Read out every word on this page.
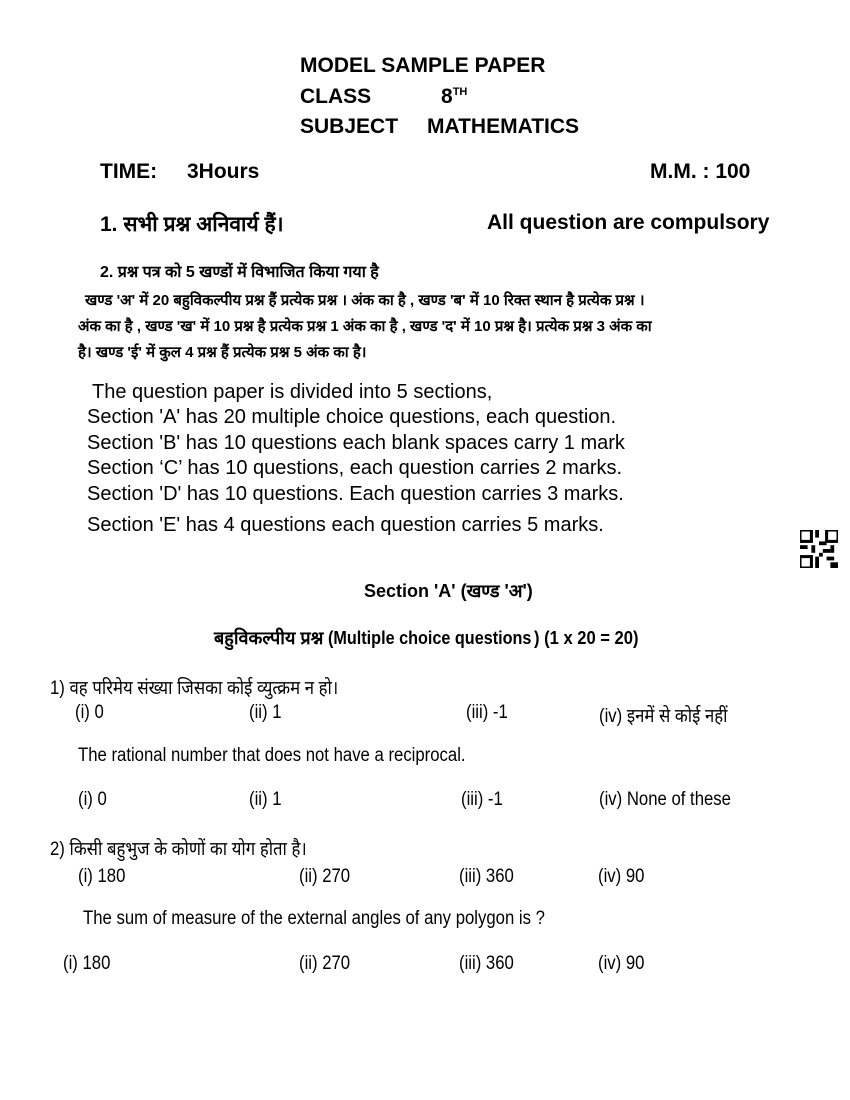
MODEL SAMPLE PAPER
CLASS	8TH
SUBJECT MATHEMATICS
TIME: 3Hours	M.M. : 100
1. सभी प्रश्न अनिवार्य हैं।	All question are compulsory
2. प्रश्न पत्र को 5 खण्डों में विभाजित किया गया है
खण्ड 'अ' में 20 बहुविकल्पीय प्रश्न हैं प्रत्येक प्रश्न । अंक का है , खण्ड 'ब' में 10 रिक्त स्थान है प्रत्येक प्रश्न ।
अंक का है , खण्ड 'ख' में 10 प्रश्न है प्रत्येक प्रश्न 1 अंक का है , खण्ड 'द' में 10 प्रश्न है। प्रत्येक प्रश्न 3 अंक का
है। खण्ड 'ई' में कुल 4 प्रश्न हैं प्रत्येक प्रश्न 5 अंक का है।
The question paper is divided into 5 sections,
Section 'A' has 20 multiple choice questions, each question.
Section 'B' has 10 questions each blank spaces carry 1 mark
Section ‘C’ has 10 questions, each question carries 2 marks.
Section 'D' has 10 questions. Each question carries 3 marks.
Section 'E' has 4 questions each question carries 5 marks.
Section 'A' (खण्ड 'अ')
बहुविकल्पीय प्रश्न (Multiple choice questions ) (1 x 20 = 20)
1) वह परिमेय संख्या जिसका कोई व्युत्क्रम न हो।
(i) 0	(ii) 1	(iii) -1	(iv) इनमें से कोई नहीं
The rational number that does not have a reciprocal.
(i) 0	(ii) 1	(iii) -1	(iv) None of these
2) किसी बहुभुज के कोणों का योग होता है।
(i) 180	(ii) 270	(iii) 360	(iv) 90
The sum of measure of the external angles of any polygon is ?
(i) 180	(ii) 270	(iii) 360	(iv) 90
